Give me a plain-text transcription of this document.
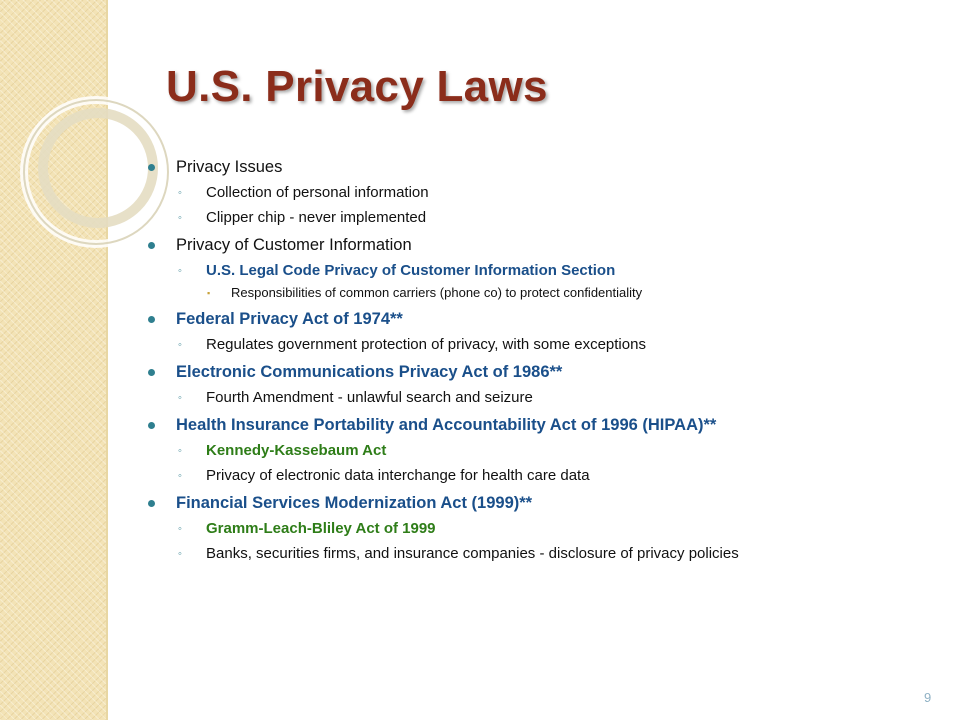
U.S. Privacy Laws
Privacy Issues
◦ Collection of personal information
◦ Clipper chip - never implemented
Privacy of Customer Information
◦ U.S. Legal Code Privacy of Customer Information Section
▪ Responsibilities of common carriers (phone co) to protect confidentiality
Federal Privacy Act of 1974**
◦ Regulates government protection of privacy, with some exceptions
Electronic Communications Privacy Act of 1986**
◦ Fourth Amendment - unlawful search and seizure
Health Insurance Portability and Accountability Act of 1996 (HIPAA)**
◦ Kennedy-Kassebaum Act
◦ Privacy of electronic data interchange for health care data
Financial Services Modernization Act (1999)**
◦ Gramm-Leach-Bliley Act of 1999
◦ Banks, securities firms, and insurance companies - disclosure of privacy policies
9
